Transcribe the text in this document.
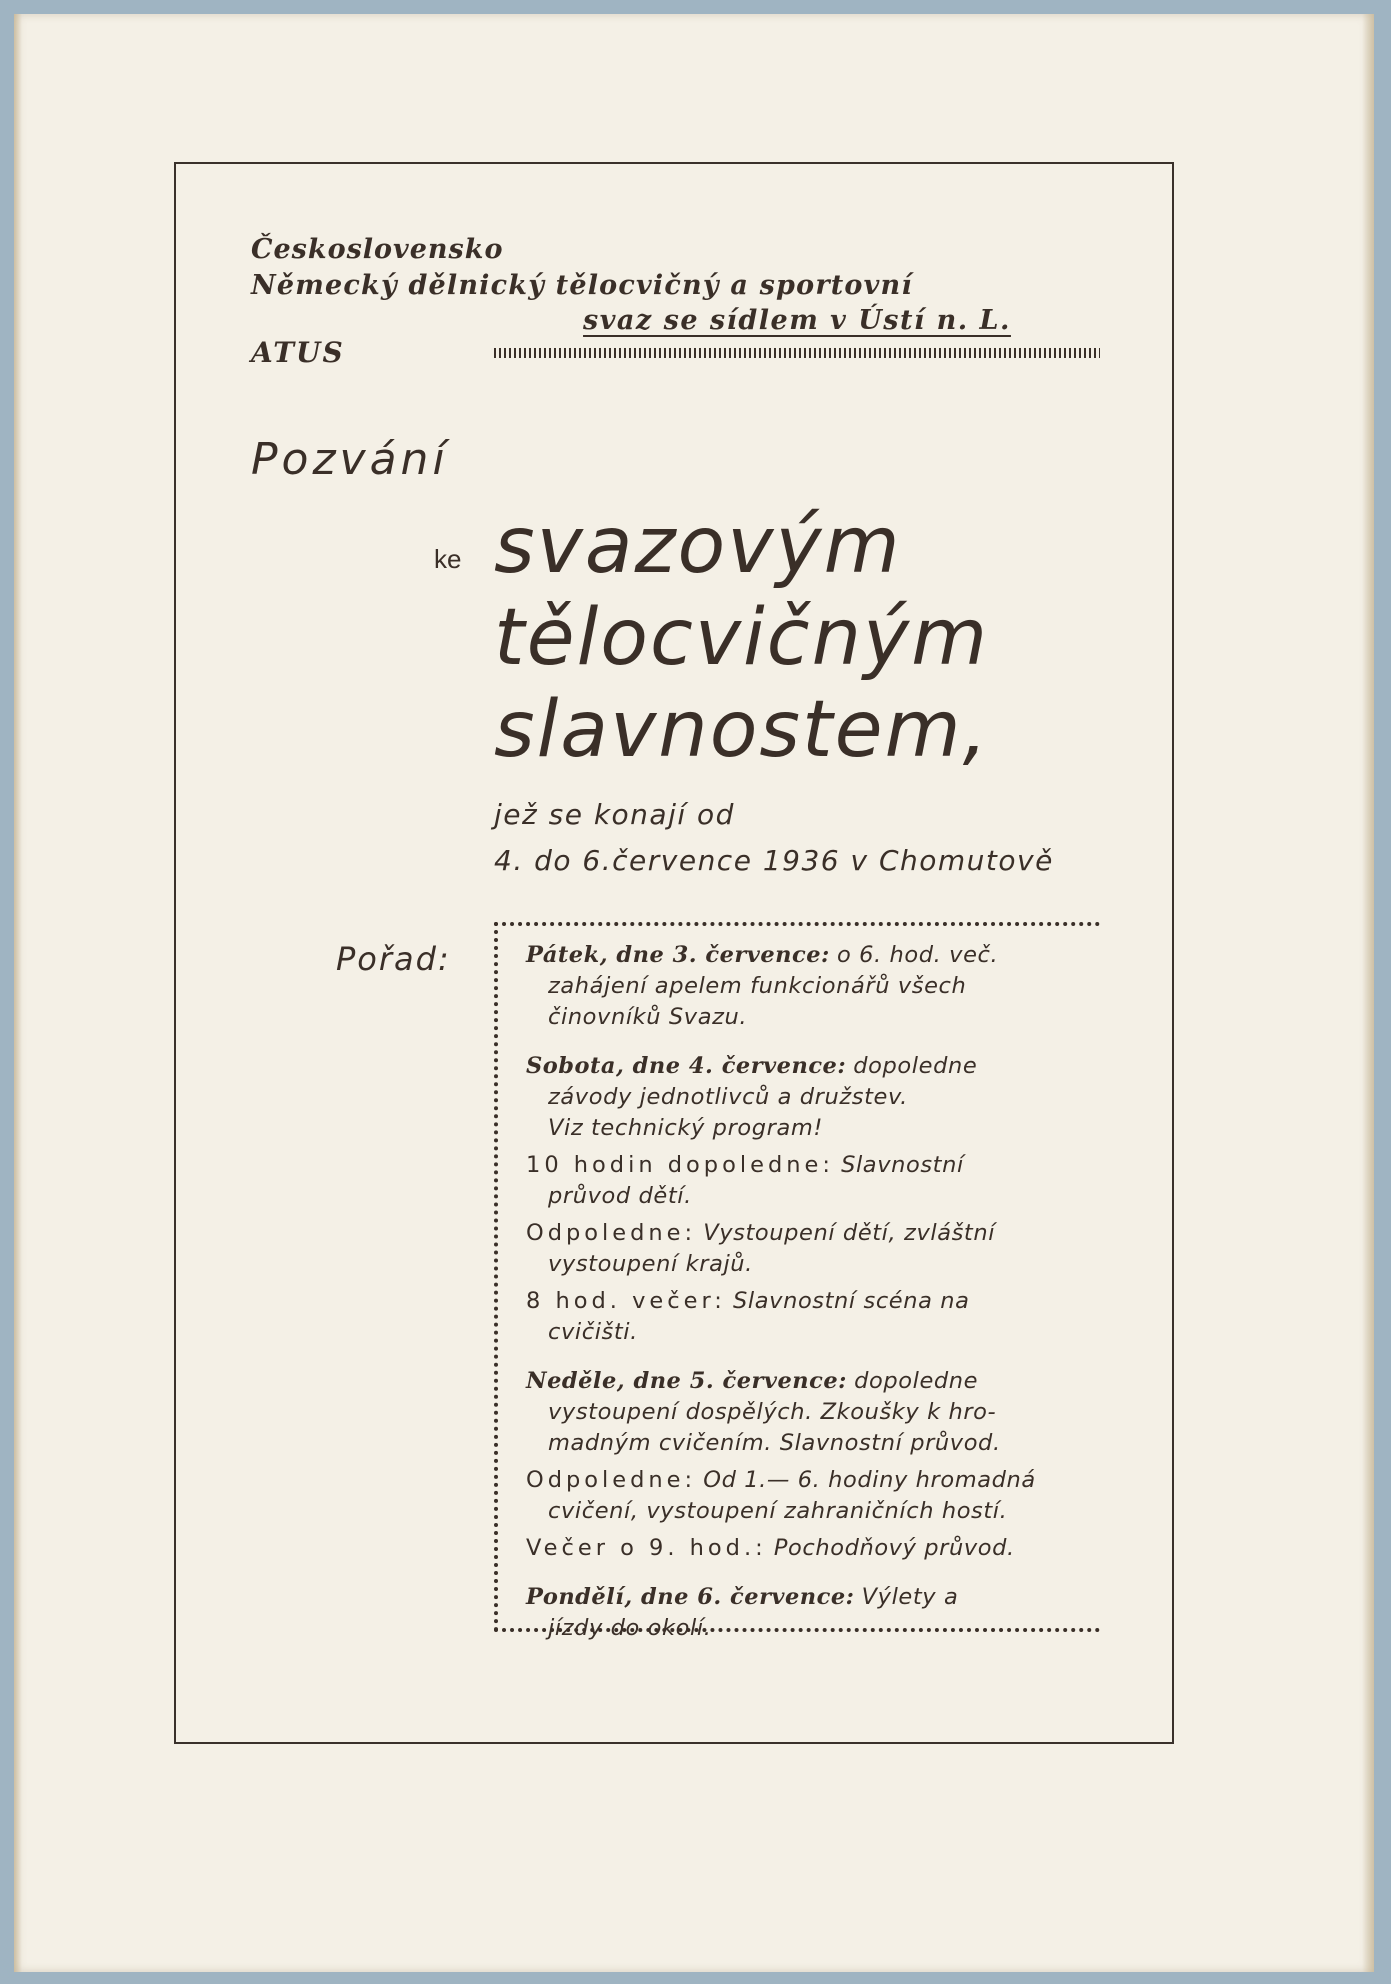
Československo
Německý dělnický tělocvičný a sportovní
svaz se sídlem v Ústí n. L.
ATUS
Pozvání
ke svazovým
tělocvičným
slavnostem,
jež se konají od
4. do 6.července 1936 v Chomutově
Pořad:	Pátek, dne 3. července: o 6. hod. več.
zahájení apelem funkcionářů všech
činovníků Svazu.
Sobota, dne 4. července: dopoledne
závody jednotlivců a družstev.
Viz technický program!
10 hodin dopoledne: Slavnostní
průvod dětí.
Odpoledne: Vystoupení dětí, zvláštní
vystoupení krajů.
8 hod. večer: Slavnostní scéna na
cvičišti.
Neděle, dne 5. července: dopoledne
vystoupení dospělých. Zkoušky k hro-
madným cvičením. Slavnostní průvod.
Odpoledne: Od 1.— 6. hodiny hromadná
cvičení, vystoupení zahraničních hostí.
Večer o 9. hod.: Pochodňový průvod.
Pondělí, dne 6. července: Výlety a
jízdy do okolí.
